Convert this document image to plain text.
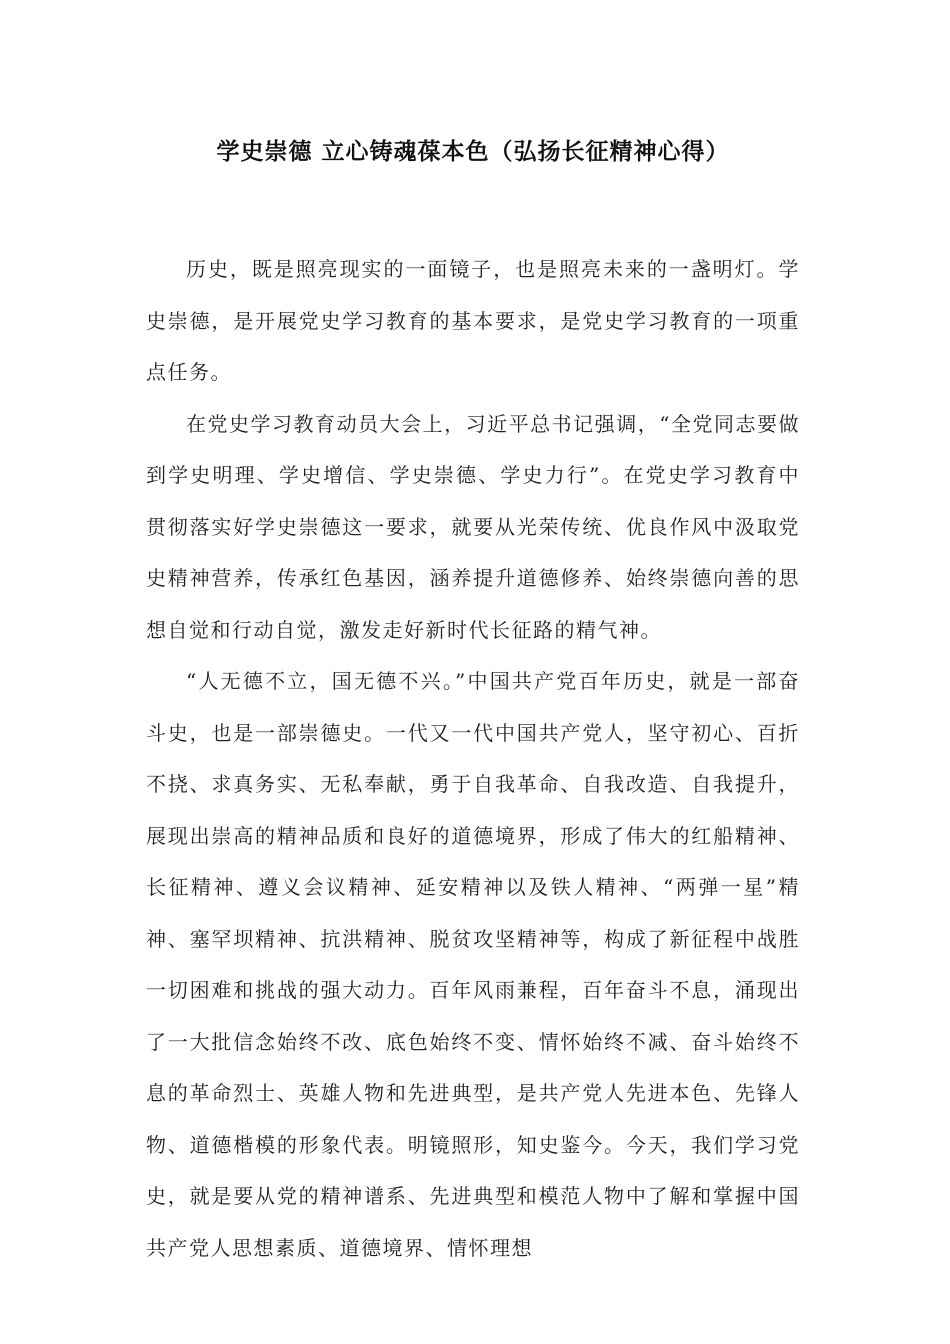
学史崇德 立心铸魂葆本色（弘扬长征精神心得）

历史，既是照亮现实的一面镜子，也是照亮未来的一盏明灯。学史崇德，是开展党史学习教育的基本要求，是党史学习教育的一项重点任务。

在党史学习教育动员大会上，习近平总书记强调，“全党同志要做到学史明理、学史增信、学史崇德、学史力行”。在党史学习教育中贯彻落实好学史崇德这一要求，就要从光荣传统、优良作风中汲取党史精神营养，传承红色基因，涵养提升道德修养、始终崇德向善的思想自觉和行动自觉，激发走好新时代长征路的精气神。

“人无德不立，国无德不兴。”中国共产党百年历史，就是一部奋斗史，也是一部崇德史。一代又一代中国共产党人，坚守初心、百折不挠、求真务实、无私奉献，勇于自我革命、自我改造、自我提升，展现出崇高的精神品质和良好的道德境界，形成了伟大的红船精神、长征精神、遵义会议精神、延安精神以及铁人精神、“两弹一星”精神、塞罕坝精神、抗洪精神、脱贫攻坚精神等，构成了新征程中战胜一切困难和挑战的强大动力。百年风雨兼程，百年奋斗不息，涌现出了一大批信念始终不改、底色始终不变、情怀始终不减、奋斗始终不息的革命烈士、英雄人物和先进典型，是共产党人先进本色、先锋人物、道德楷模的形象代表。明镜照形，知史鉴今。今天，我们学习党史，就是要从党的精神谱系、先进典型和模范人物中了解和掌握中国共产党人思想素质、道德境界、情怀理想
